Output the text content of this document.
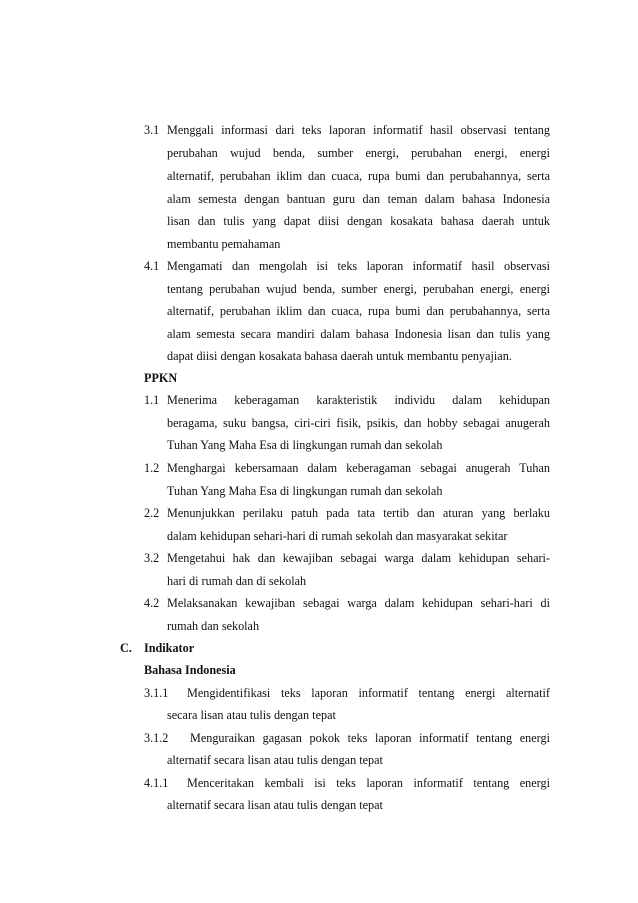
3.1 Menggali informasi dari teks laporan informatif hasil observasi tentang
perubahan wujud benda, sumber energi, perubahan energi, energi
alternatif, perubahan iklim dan cuaca, rupa bumi dan perubahannya, serta
alam semesta dengan bantuan guru dan teman dalam bahasa Indonesia
lisan dan tulis yang dapat diisi dengan kosakata bahasa daerah untuk
membantu pemahaman
4.1 Mengamati dan mengolah isi teks laporan informatif hasil observasi
tentang perubahan wujud benda, sumber energi, perubahan energi, energi
alternatif, perubahan iklim dan cuaca, rupa bumi dan perubahannya, serta
alam semesta secara mandiri dalam bahasa Indonesia lisan dan tulis yang
dapat diisi dengan kosakata bahasa daerah untuk membantu penyajian.
PPKN
1.1 Menerima keberagaman karakteristik individu dalam kehidupan
beragama, suku bangsa, ciri-ciri fisik, psikis, dan hobby sebagai anugerah
Tuhan Yang Maha Esa di lingkungan rumah dan sekolah
1.2 Menghargai kebersamaan dalam keberagaman sebagai anugerah Tuhan
Tuhan Yang Maha Esa di lingkungan rumah dan sekolah
2.2 Menunjukkan perilaku patuh pada tata tertib dan aturan yang berlaku
dalam kehidupan sehari-hari di rumah sekolah dan masyarakat sekitar
3.2 Mengetahui hak dan kewajiban sebagai warga dalam kehidupan sehari-
hari di rumah dan di sekolah
4.2 Melaksanakan kewajiban sebagai warga dalam kehidupan sehari-hari di
rumah dan sekolah
C. Indikator
Bahasa Indonesia
3.1.1 Mengidentifikasi teks laporan informatif tentang energi alternatif
secara lisan atau tulis dengan tepat
3.1.2 Menguraikan gagasan pokok teks laporan informatif tentang energi
alternatif secara lisan atau tulis dengan tepat
4.1.1 Menceritakan kembali isi teks laporan informatif tentang energi
alternatif secara lisan atau tulis dengan tepat
